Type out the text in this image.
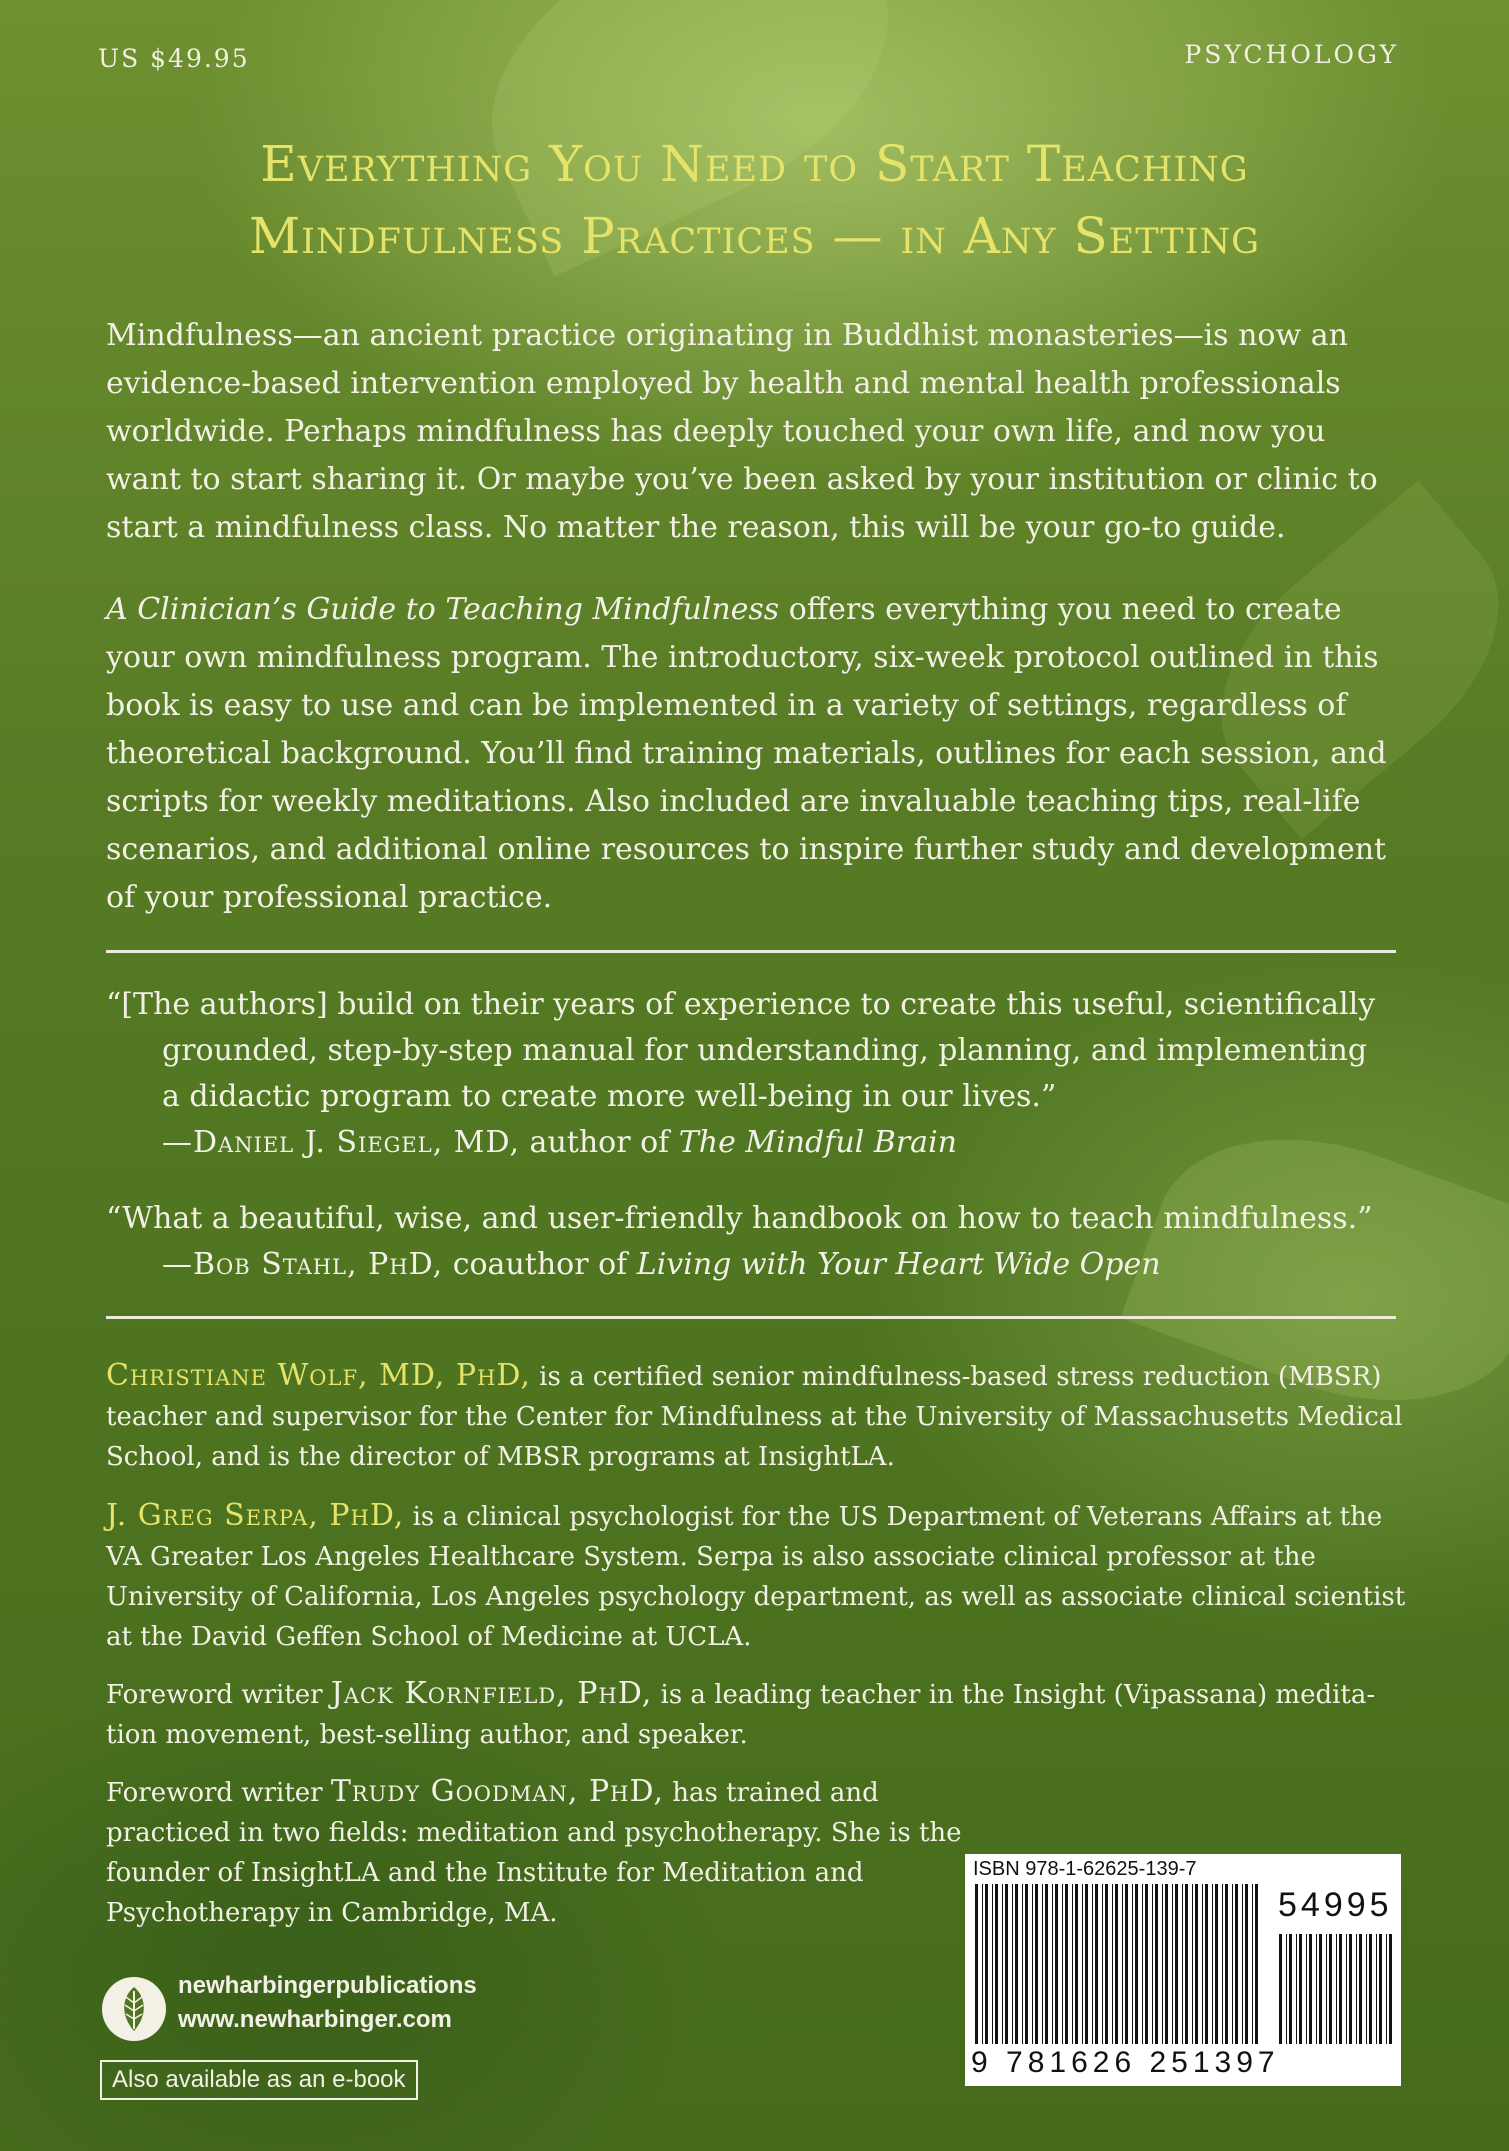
US $49.95	PSYCHOLOGY
Everything You Need to Start Teaching
Mindfulness Practices — in Any Setting
Mindfulness—an ancient practice originating in Buddhist monasteries—is now an evidence-based intervention employed by health and mental health professionals worldwide. Perhaps mindfulness has deeply touched your own life, and now you want to start sharing it. Or maybe you’ve been asked by your institution or clinic to start a mindfulness class. No matter the reason, this will be your go-to guide.
A Clinician’s Guide to Teaching Mindfulness offers everything you need to create your own mindfulness program. The introductory, six-week protocol outlined in this book is easy to use and can be implemented in a variety of settings, regardless of theoretical background. You’ll find training materials, outlines for each session, and scripts for weekly meditations. Also included are invaluable teaching tips, real-life scenarios, and additional online resources to inspire further study and development of your professional practice.
“[The authors] build on their years of experience to create this useful, scientifically
grounded, step-by-step manual for understanding, planning, and implementing a didactic program to create more well-being in our lives.”
—Daniel J. Siegel, MD, author of The Mindful Brain
“What a beautiful, wise, and user-friendly handbook on how to teach mindfulness.”
—Bob Stahl, PhD, coauthor of Living with Your Heart Wide Open
Christiane Wolf, MD, PhD, is a certified senior mindfulness-based stress reduction (MBSR) teacher and supervisor for the Center for Mindfulness at the University of Massachusetts Medical School, and is the director of MBSR programs at InsightLA.
J. Greg Serpa, PhD, is a clinical psychologist for the US Department of Veterans Affairs at the VA Greater Los Angeles Healthcare System. Serpa is also associate clinical professor at the University of California, Los Angeles psychology department, as well as associate clinical scientist at the David Geffen School of Medicine at UCLA.
Foreword writer Jack Kornfield, PhD, is a leading teacher in the Insight (Vipassana) medita- tion movement, best-selling author, and speaker.
Foreword writer Trudy Goodman, PhD, has trained and practiced in two fields: meditation and psychotherapy. She is the founder of InsightLA and the Institute for Meditation and Psychotherapy in Cambridge, MA.
ISBN 978-1-62625-139-7
54995
9 781626 251397
newharbingerpublications
www.newharbinger.com
Also available as an e-book
